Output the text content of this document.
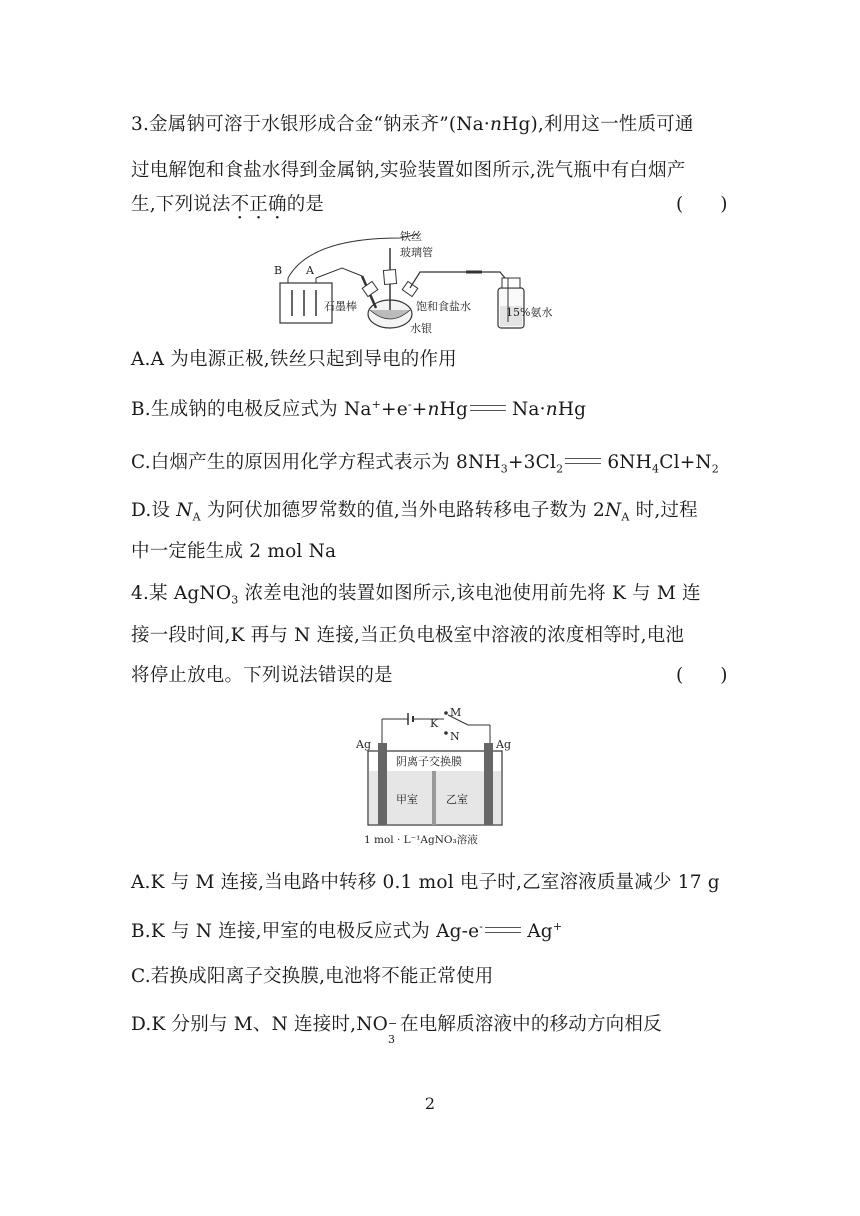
3.金属钠可溶于水银形成合金“钠汞齐”(Na·nHg),利用这一性质可通
过电解饱和食盐水得到金属钠,实验装置如图所示,洗气瓶中有白烟产
生,下列说法不正确的是	(　　)
B A
铁丝
玻璃管
石墨棒	饱和食盐水
水银
15%氨水
A.A 为电源正极,铁丝只起到导电的作用
B.生成钠的电极反应式为 Na++e-+nHg Na·nHg
C.白烟产生的原因用化学方程式表示为 $8NH_3+3Cl_2$ $6NH_4Cl+N_2$
D.设 $N_A$ 为阿伏加德罗常数的值,当外电路转移电子数为 $2N_A$ 时,过程
中一定能生成 2 mol Na
4.某 AgNO$_3$ 浓差电池的装置如图所示,该电池使用前先将 K 与 M 连
接一段时间,K 再与 N 连接,当正负电极室中溶液的浓度相等时,电池
将停止放电。下列说法错误的是	(　　)
M
K
N
Ag	Ag
阴离子交换膜
甲室	乙室
1 mol · L⁻¹AgNO₃溶液
A.K 与 M 连接,当电路中转移 0.1 mol 电子时,乙室溶液质量减少 17 g
B.K 与 N 连接,甲室的电极反应式为 Ag-e- Ag+
C.若换成阳离子交换膜,电池将不能正常使用
D.K 分别与 M、N 连接时,NO −
3
在电解质溶液中的移动方向相反
2
